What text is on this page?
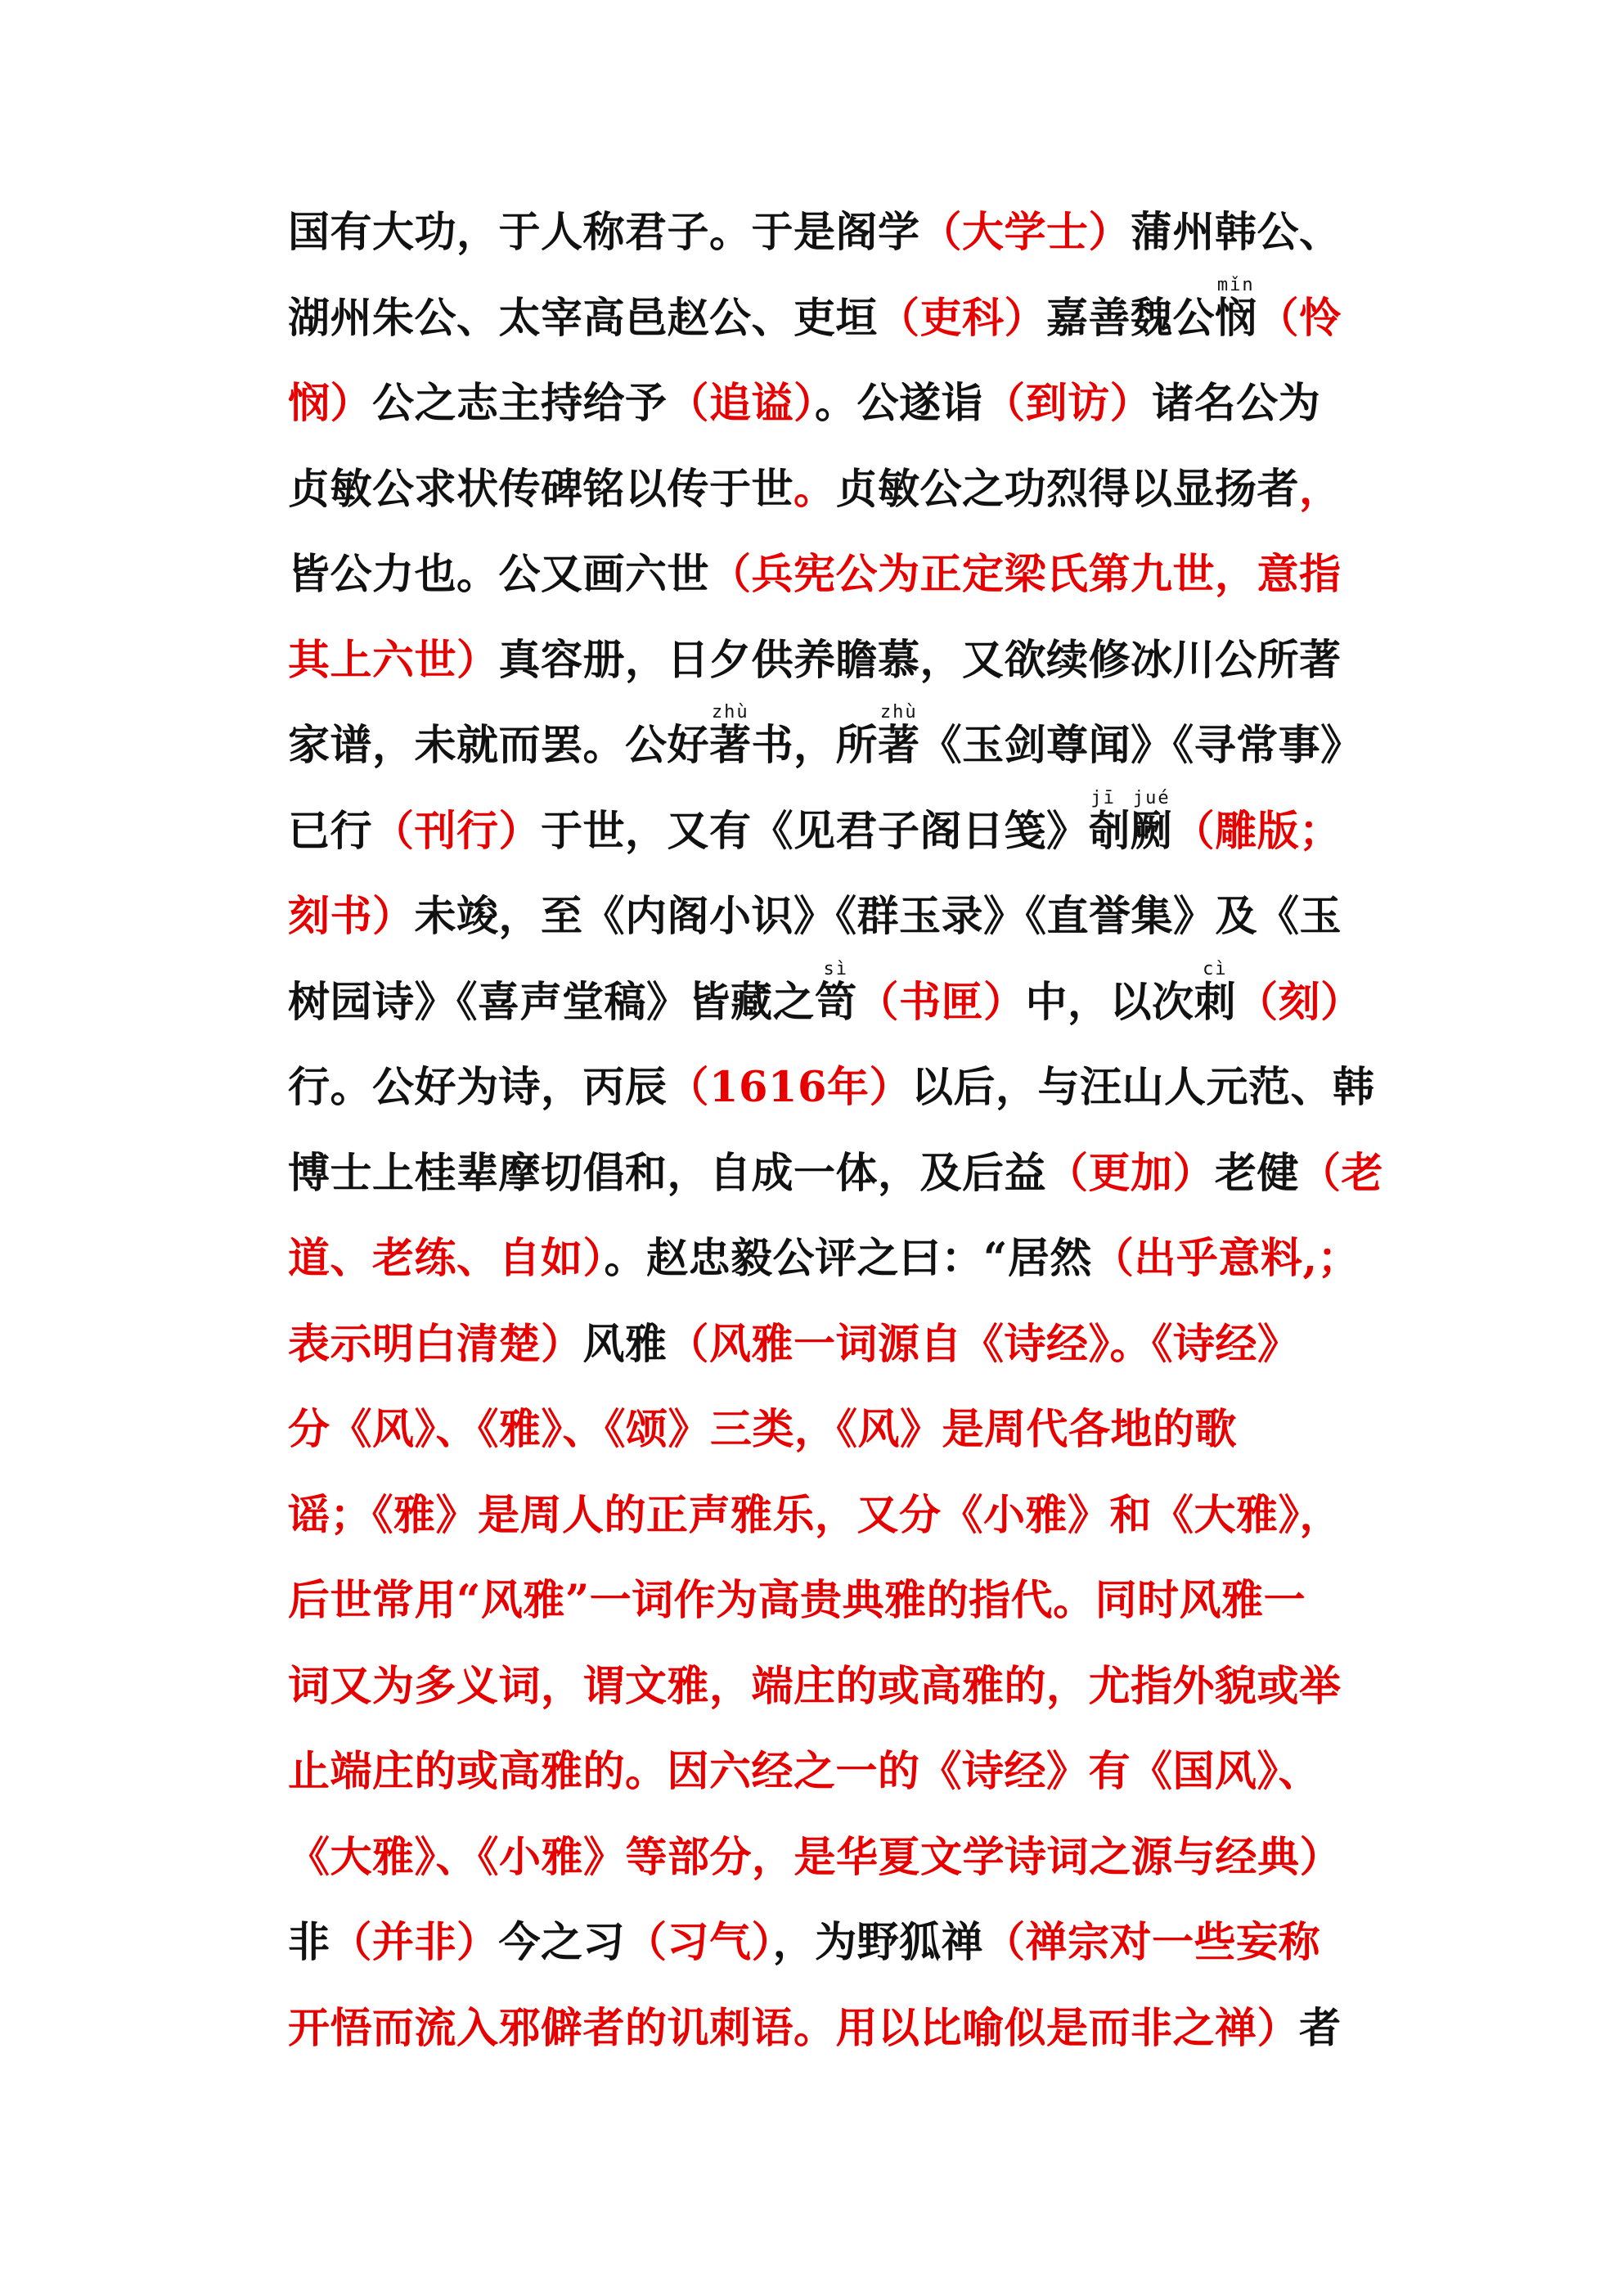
国有大功，于人称君子。于是阁学（大学士）蒲州韩公、
湖州朱公、太宰高邑赵公、吏垣（吏科）嘉善魏公悯mǐn（怜
悯）公之志主持给予（追谥）。公遂诣（到访）诸名公为
贞敏公求状传碑铭以传于世。贞敏公之功烈得以显扬者，
皆公力也。公又画六世（兵宪公为正定梁氏第九世，意指
其上六世）真容册，日夕供养瞻慕，又欲续修冰川公所著
家谱，未就而罢。公好著zhù书，所著zhù《玉剑尊闻》《寻常事》
已行（刊行）于世，又有《见君子阁日笺》剞劂jī jué（雕版；
刻书）未竣，至《内阁小识》《群玉录》《直誉集》及《玉
树园诗》《喜声堂稿》皆藏之笥sì（书匣）中，以次刺cì（刻）
行。公好为诗，丙辰（1616年）以后，与汪山人元范、韩
博士上桂辈摩切倡和，自成一体，及后益（更加）老健（老
道、老练、自如）。赵忠毅公评之曰：“居然（出乎意料,；
表示明白清楚）风雅（风雅一词源自《诗经》。《诗经》
分《风》、《雅》、《颂》三类，《风》是周代各地的歌
谣；《雅》是周人的正声雅乐，又分《小雅》和《大雅》，
后世常用“风雅”一词作为高贵典雅的指代。同时风雅一
词又为多义词，谓文雅，端庄的或高雅的，尤指外貌或举
止端庄的或高雅的。因六经之一的《诗经》有《国风》、
《大雅》、《小雅》等部分，是华夏文学诗词之源与经典）
非（并非）今之习（习气），为野狐禅（禅宗对一些妄称
开悟而流入邪僻者的讥刺语。用以比喻似是而非之禅）者
